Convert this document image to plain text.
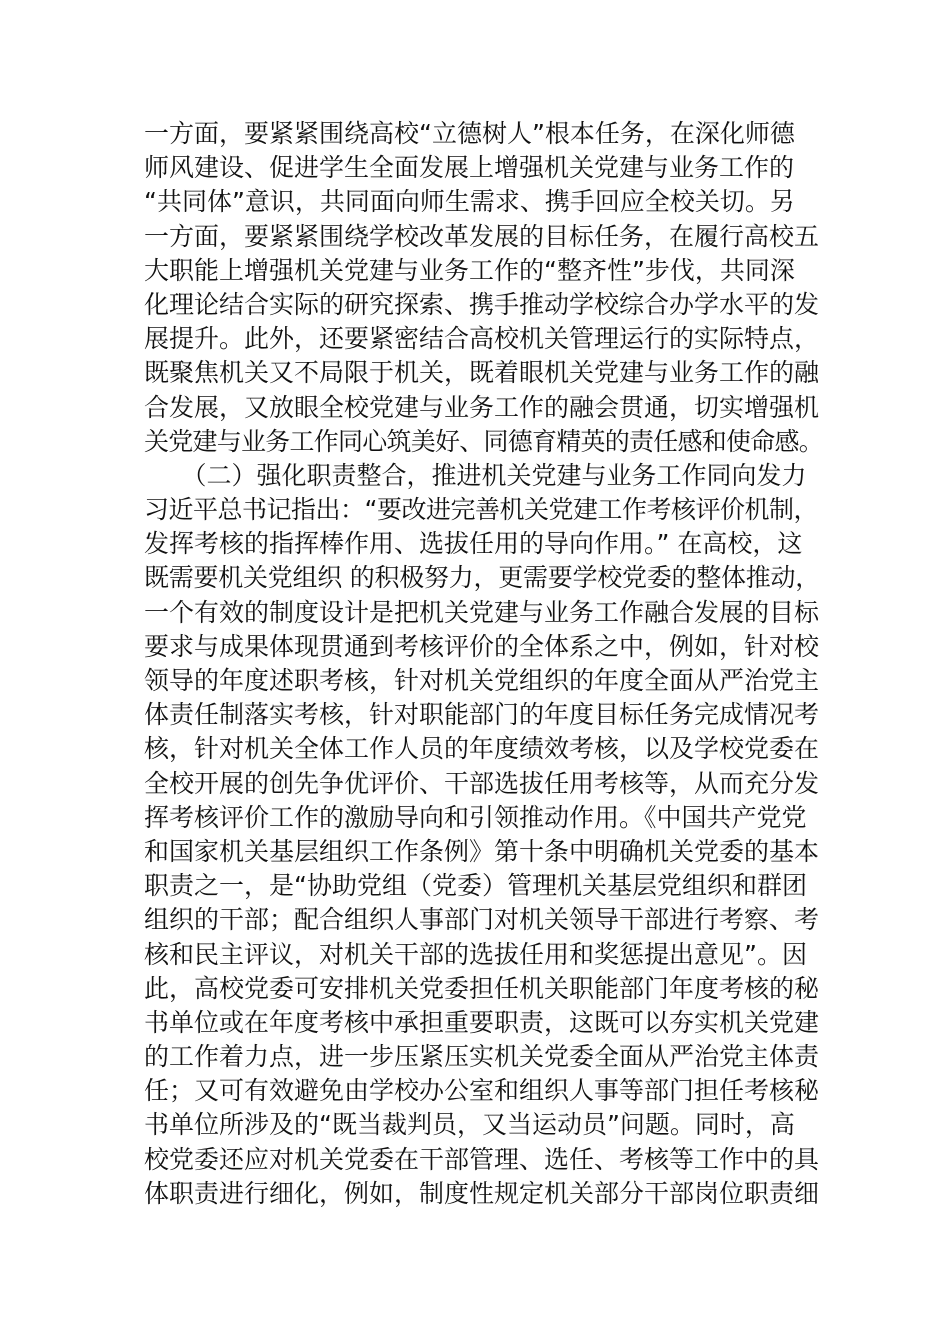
一方面，要紧紧围绕高校“立德树人”根本任务，在深化师德
师风建设、促进学生全面发展上增强机关党建与业务工作的
“共同体”意识，共同面向师生需求、携手回应全校关切。另
一方面，要紧紧围绕学校改革发展的目标任务，在履行高校五
大职能上增强机关党建与业务工作的“整齐性”步伐，共同深
化理论结合实际的研究探索、携手推动学校综合办学水平的发
展提升。此外，还要紧密结合高校机关管理运行的实际特点，
既聚焦机关又不局限于机关，既着眼机关党建与业务工作的融
合发展，又放眼全校党建与业务工作的融会贯通，切实增强机
关党建与业务工作同心筑美好、同德育精英的责任感和使命感。
　　（二）强化职责整合，推进机关党建与业务工作同向发力
习近平总书记指出：“要改进完善机关党建工作考核评价机制，
发挥考核的指挥棒作用、选拔任用的导向作用。” 在高校，这
既需要机关党组织 的积极努力，更需要学校党委的整体推动，
一个有效的制度设计是把机关党建与业务工作融合发展的目标
要求与成果体现贯通到考核评价的全体系之中，例如，针对校
领导的年度述职考核，针对机关党组织的年度全面从严治党主
体责任制落实考核，针对职能部门的年度目标任务完成情况考
核，针对机关全体工作人员的年度绩效考核，以及学校党委在
全校开展的创先争优评价、干部选拔任用考核等，从而充分发
挥考核评价工作的激励导向和引领推动作用。《中国共产党党
和国家机关基层组织工作条例》第十条中明确机关党委的基本
职责之一，是“协助党组（党委）管理机关基层党组织和群团
组织的干部；配合组织人事部门对机关领导干部进行考察、考
核和民主评议，对机关干部的选拔任用和奖惩提出意见”。因
此，高校党委可安排机关党委担任机关职能部门年度考核的秘
书单位或在年度考核中承担重要职责，这既可以夯实机关党建
的工作着力点，进一步压紧压实机关党委全面从严治党主体责
任；又可有效避免由学校办公室和组织人事等部门担任考核秘
书单位所涉及的“既当裁判员，又当运动员”问题。同时，高
校党委还应对机关党委在干部管理、选任、考核等工作中的具
体职责进行细化，例如，制度性规定机关部分干部岗位职责细
